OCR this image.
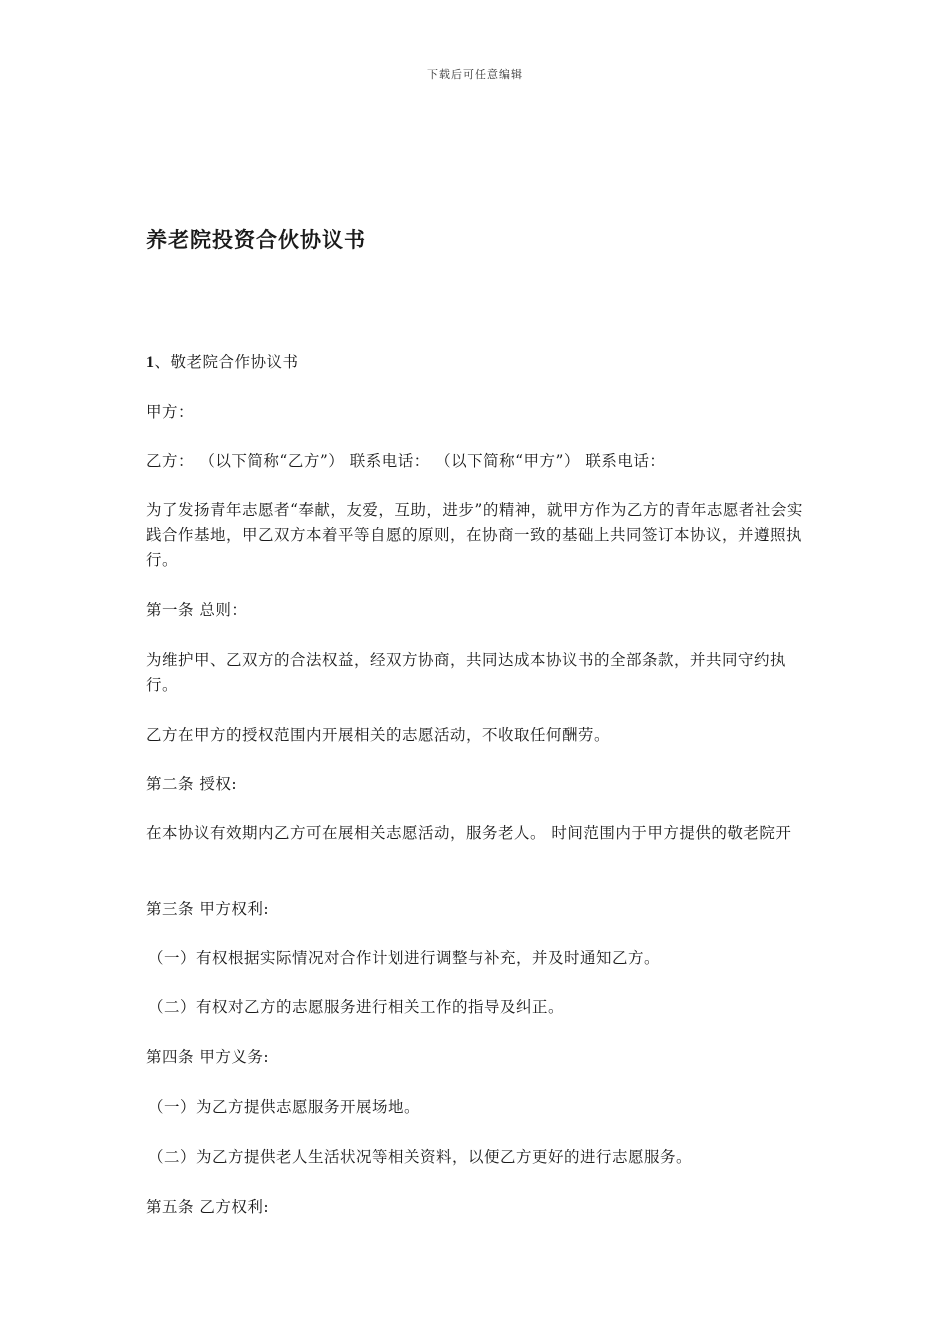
下载后可任意编辑
养老院投资合伙协议书

1、敬老院合作协议书

甲方：

乙方： （以下简称“乙方”） 联系电话： （以下简称“甲方”） 联系电话：

为了发扬青年志愿者“奉献，友爱，互助，进步”的精神，就甲方作为乙方的青年志愿者社会实践合作基地，甲乙双方本着平等自愿的原则，在协商一致的基础上共同签订本协议，并遵照执行。

第一条 总则：

为维护甲、乙双方的合法权益，经双方协商，共同达成本协议书的全部条款，并共同守约执行。

乙方在甲方的授权范围内开展相关的志愿活动，不收取任何酬劳。

第二条 授权:

在本协议有效期内乙方可在展相关志愿活动，服务老人。 时间范围内于甲方提供的敬老院开

第三条 甲方权利:

（一）有权根据实际情况对合作计划进行调整与补充，并及时通知乙方。

（二）有权对乙方的志愿服务进行相关工作的指导及纠正。

第四条 甲方义务:

（一）为乙方提供志愿服务开展场地。

（二）为乙方提供老人生活状况等相关资料，以便乙方更好的进行志愿服务。

第五条 乙方权利:
